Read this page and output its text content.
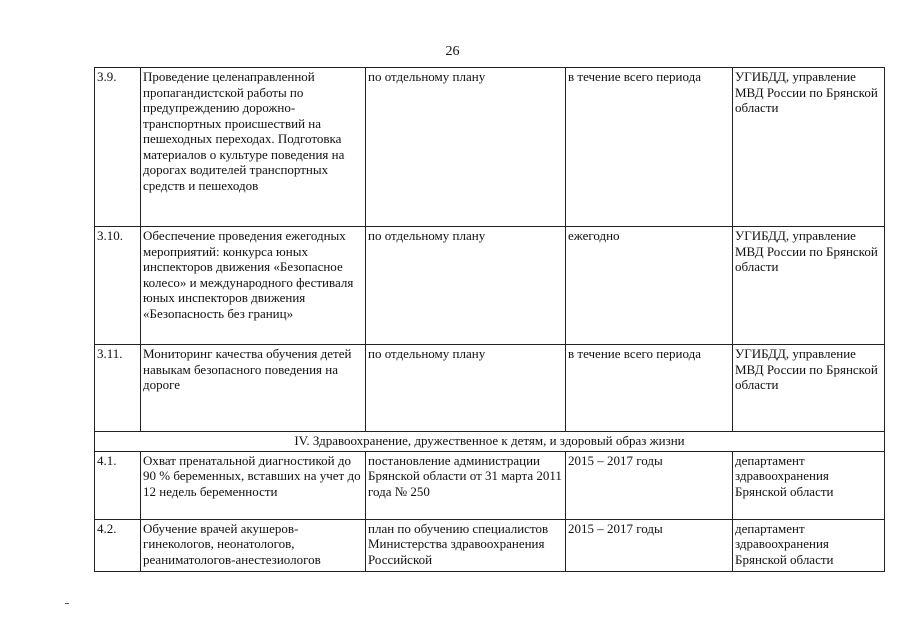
26
3.9.	Проведение целенаправленной пропагандистской работы по предупреждению дорожно-транспортных происшествий на пешеходных переходах. Подготовка материалов о культуре поведения на дорогах водителей транспортных средств и пешеходов	по отдельному плану	в течение всего периода	УГИБДД, управление МВД России по Брянской области
3.10.	Обеспечение проведения ежегодных мероприятий: конкурса юных инспекторов движения «Безопасное колесо» и международного фестиваля юных инспекторов движения «Безопасность без границ»	по отдельному плану	ежегодно	УГИБДД, управление МВД России по Брянской области
3.11.	Мониторинг качества обучения детей навыкам безопасного поведения на дороге	по отдельному плану	в течение всего периода	УГИБДД, управление МВД России по Брянской области
IV. Здравоохранение, дружественное к детям, и здоровый образ жизни				
4.1.	Охват пренатальной диагностикой до 90 % беременных, вставших на учет до 12 недель беременности	постановление администрации Брянской области от 31 марта 2011 года № 250	2015 – 2017 годы	департамент здравоохранения Брянской области
4.2.	Обучение врачей акушеров-гинекологов, неонатологов, реаниматологов-анестезиологов	план по обучению специалистов Министерства здравоохранения Российской	2015 – 2017 годы	департамент здравоохранения Брянской области
